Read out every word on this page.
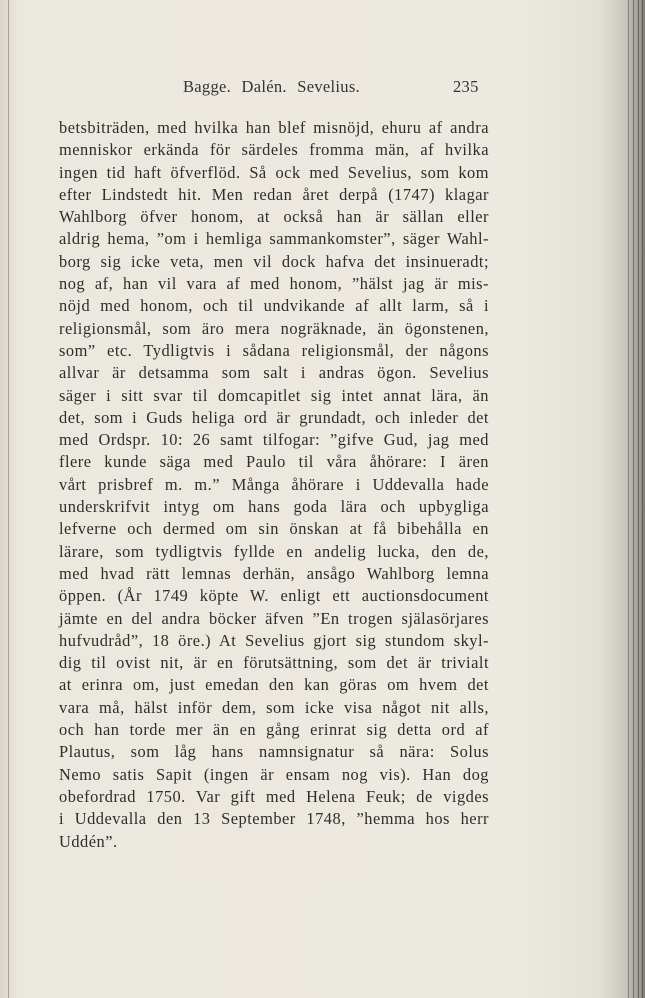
Bagge. Dalén. Sevelius.	235
betsbiträden, med hvilka han blef misnöjd, ehuru af andra
menniskor erkända för särdeles fromma män, af hvilka
ingen tid haft öfverflöd. Så ock med Sevelius, som kom
efter Lindstedt hit. Men redan året derpå (1747) klagar
Wahlborg öfver honom, at också han är sällan eller
aldrig hema, ”om i hemliga sammankomster”, säger Wahl-
borg sig icke veta, men vil dock hafva det insinueradt;
nog af, han vil vara af med honom, ”hälst jag är mis-
nöjd med honom, och til undvikande af allt larm, så i
religionsmål, som äro mera nogräknade, än ögonstenen,
som” etc. Tydligtvis i sådana religionsmål, der någons
allvar är detsamma som salt i andras ögon. Sevelius
säger i sitt svar til domcapitlet sig intet annat lära, än
det, som i Guds heliga ord är grundadt, och inleder det
med Ordspr. 10: 26 samt tilfogar: ”gifve Gud, jag med
flere kunde säga med Paulo til våra åhörare: I ären
vårt prisbref m. m.” Många åhörare i Uddevalla hade
underskrifvit intyg om hans goda lära och upbygliga
lefverne och dermed om sin önskan at få bibehålla en
lärare, som tydligtvis fyllde en andelig lucka, den de,
med hvad rätt lemnas derhän, ansågo Wahlborg lemna
öppen. (År 1749 köpte W. enligt ett auctionsdocument
jämte en del andra böcker äfven ”En trogen själasörjares
hufvudråd”, 18 öre.) At Sevelius gjort sig stundom skyl-
dig til ovist nit, är en förutsättning, som det är trivialt
at erinra om, just emedan den kan göras om hvem det
vara må, hälst inför dem, som icke visa något nit alls,
och han torde mer än en gång erinrat sig detta ord af
Plautus, som låg hans namnsignatur så nära: Solus
Nemo satis Sapit (ingen är ensam nog vis). Han dog
obefordrad 1750. Var gift med Helena Feuk; de vigdes
i Uddevalla den 13 September 1748, ”hemma hos herr
Uddén”.
